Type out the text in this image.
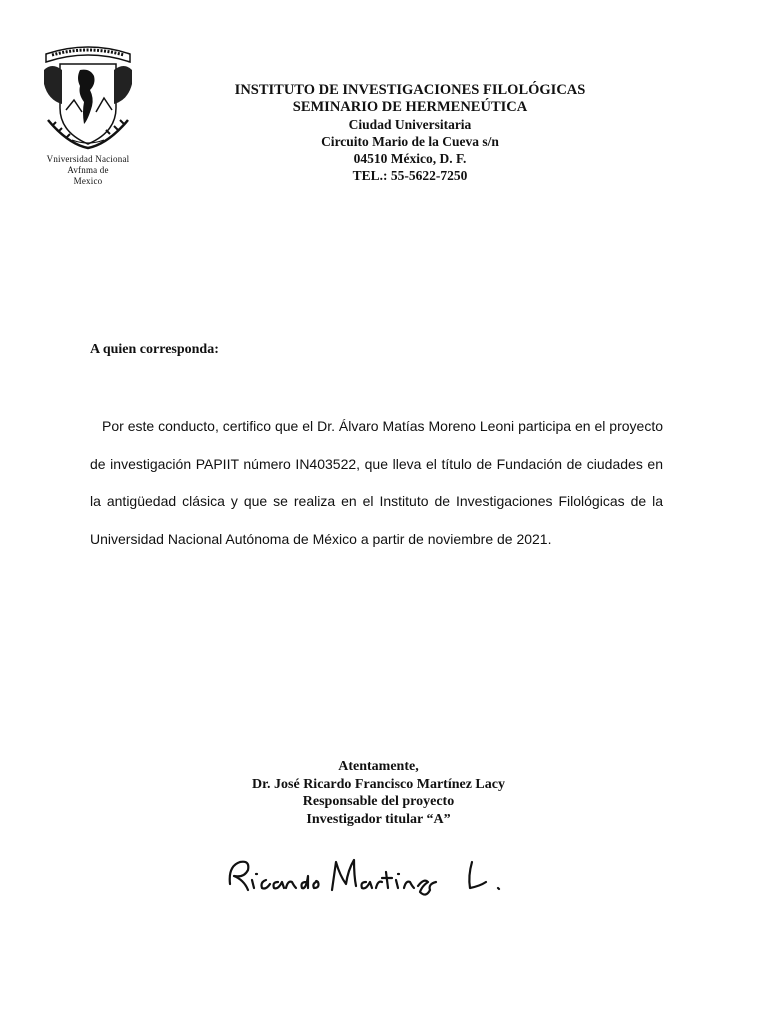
Vniversidad Nacional
Avfnma de
Mexico
INSTITUTO DE INVESTIGACIONES FILOLÓGICAS
SEMINARIO DE HERMENEÚTICA
Ciudad Universitaria
Circuito Mario de la Cueva s/n
04510 México, D. F.
TEL.: 55-5622-7250
A quien corresponda:

Por este conducto, certifico que el Dr. Álvaro Matías Moreno Leoni participa en el proyecto de investigación PAPIIT número IN403522, que lleva el título de Fundación de ciudades en la antigüedad clásica y que se realiza en el Instituto de Investigaciones Filológicas de la Universidad Nacional Autónoma de México a partir de noviembre de 2021.

Atentamente,
Dr. José Ricardo Francisco Martínez Lacy
Responsable del proyecto
Investigador titular “A”
